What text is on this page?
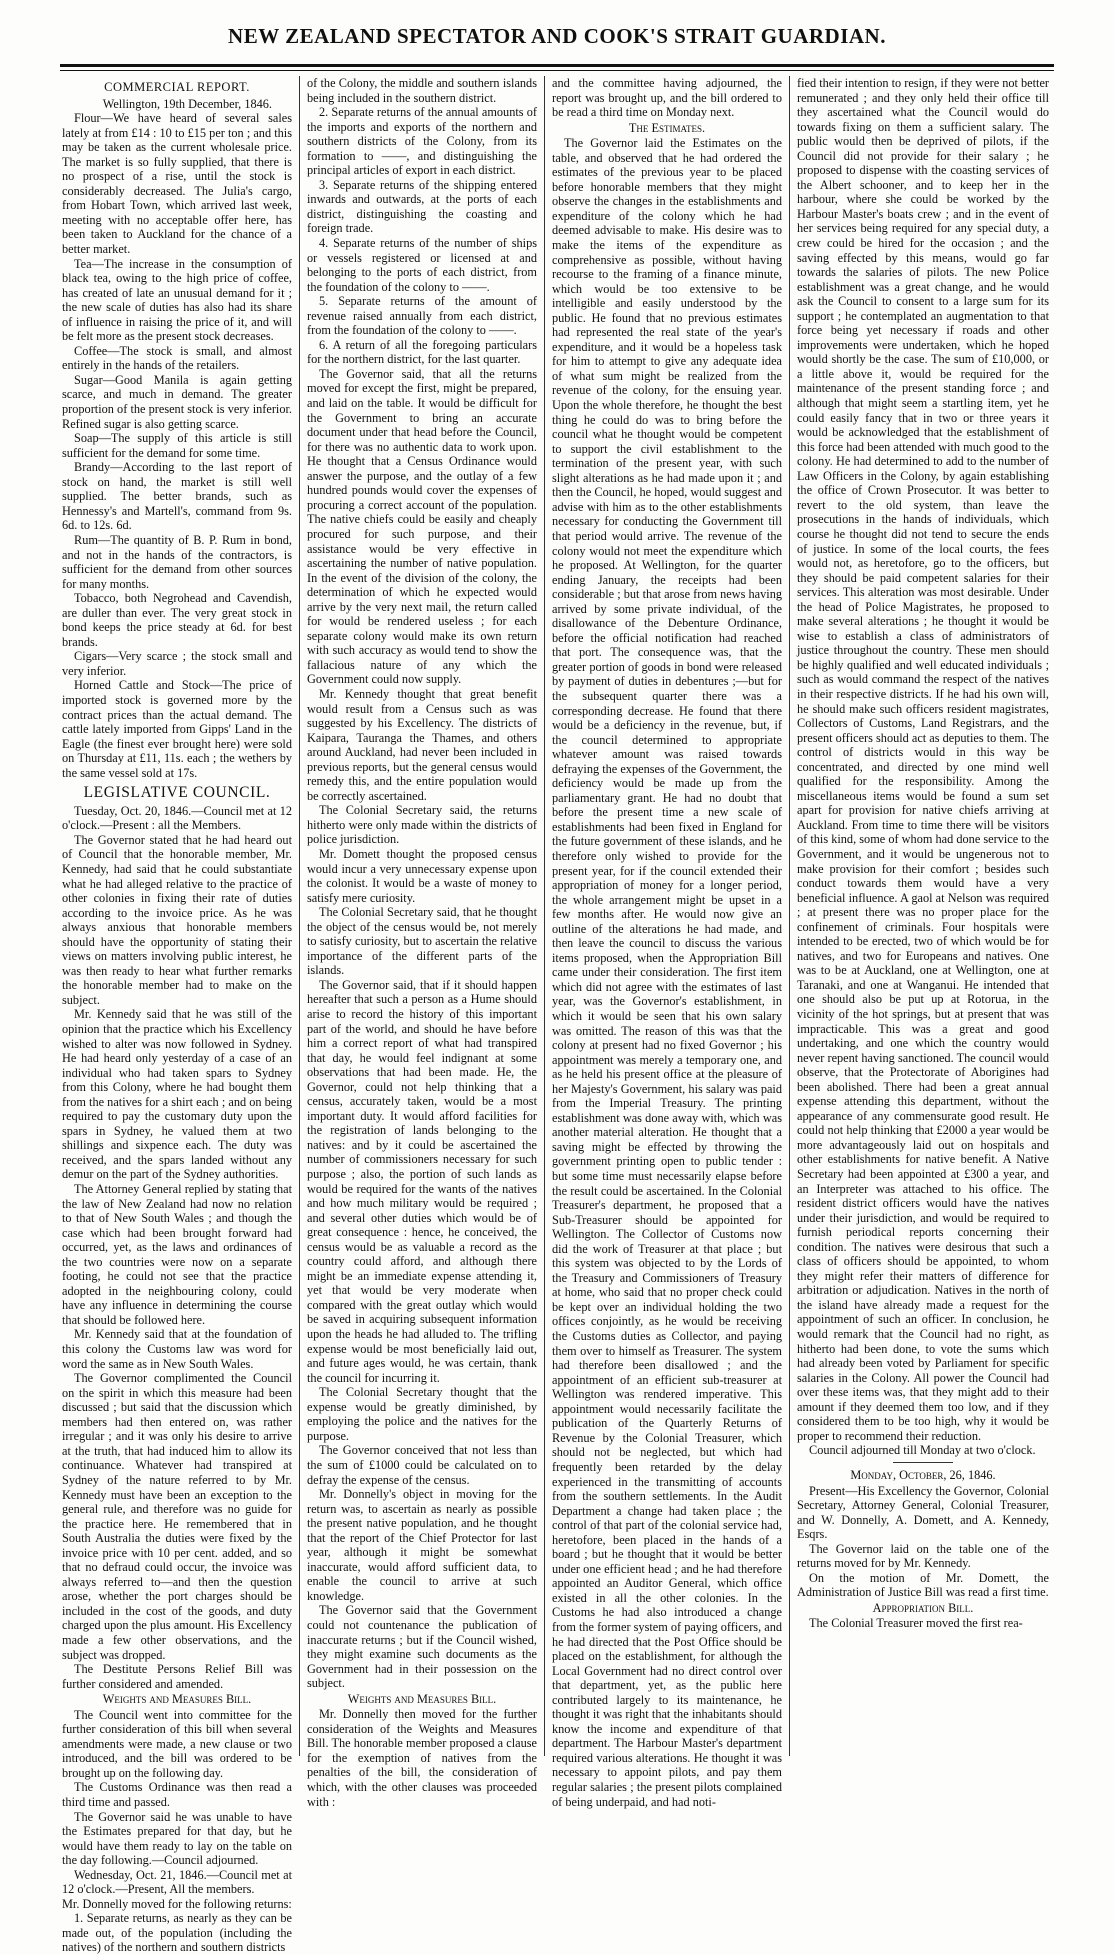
NEW ZEALAND SPECTATOR AND COOK'S STRAIT GUARDIAN.
COMMERCIAL REPORT.

Wellington, 19th December, 1846.

Flour—We have heard of several sales lately at from £14 : 10 to £15 per ton ; and this may be taken as the current wholesale price. The market is so fully supplied, that there is no prospect of a rise, until the stock is considerably decreased. The Julia's cargo, from Hobart Town, which arrived last week, meeting with no acceptable offer here, has been taken to Auckland for the chance of a better market.

Tea—The increase in the consumption of black tea, owing to the high price of coffee, has created of late an unusual demand for it ; the new scale of duties has also had its share of influence in raising the price of it, and will be felt more as the present stock decreases.

Coffee—The stock is small, and almost entirely in the hands of the retailers.

Sugar—Good Manila is again getting scarce, and much in demand. The greater proportion of the present stock is very inferior. Refined sugar is also getting scarce.

Soap—The supply of this article is still sufficient for the demand for some time.

Brandy—According to the last report of stock on hand, the market is still well supplied. The better brands, such as Hennessy's and Martell's, command from 9s. 6d. to 12s. 6d.

Rum—The quantity of B. P. Rum in bond, and not in the hands of the contractors, is sufficient for the demand from other sources for many months.

Tobacco, both Negrohead and Cavendish, are duller than ever. The very great stock in bond keeps the price steady at 6d. for best brands.

Cigars—Very scarce ; the stock small and very inferior.

Horned Cattle and Stock—The price of imported stock is governed more by the contract prices than the actual demand. The cattle lately imported from Gipps' Land in the Eagle (the finest ever brought here) were sold on Thursday at £11, 11s. each ; the wethers by the same vessel sold at 17s.

LEGISLATIVE COUNCIL.

Tuesday, Oct. 20, 1846.—Council met at 12 o'clock.—Present : all the Members.

The Governor stated that he had heard out of Council that the honorable member, Mr. Kennedy, had said that he could substantiate what he had alleged relative to the practice of other colonies in fixing their rate of duties according to the invoice price. As he was always anxious that honorable members should have the opportunity of stating their views on matters involving public interest, he was then ready to hear what further remarks the honorable member had to make on the subject.

Mr. Kennedy said that he was still of the opinion that the practice which his Excellency wished to alter was now followed in Sydney. He had heard only yesterday of a case of an individual who had taken spars to Sydney from this Colony, where he had bought them from the natives for a shirt each ; and on being required to pay the customary duty upon the spars in Sydney, he valued them at two shillings and sixpence each. The duty was received, and the spars landed without any demur on the part of the Sydney authorities.

The Attorney General replied by stating that the law of New Zealand had now no relation to that of New South Wales ; and though the case which had been brought forward had occurred, yet, as the laws and ordinances of the two countries were now on a separate footing, he could not see that the practice adopted in the neighbouring colony, could have any influence in determining the course that should be followed here.

Mr. Kennedy said that at the foundation of this colony the Customs law was word for word the same as in New South Wales.

The Governor complimented the Council on the spirit in which this measure had been discussed ; but said that the discussion which members had then entered on, was rather irregular ; and it was only his desire to arrive at the truth, that had induced him to allow its continuance. Whatever had transpired at Sydney of the nature referred to by Mr. Kennedy must have been an exception to the general rule, and therefore was no guide for the practice here. He remembered that in South Australia the duties were fixed by the invoice price with 10 per cent. added, and so that no defraud could occur, the invoice was always referred to—and then the question arose, whether the port charges should be included in the cost of the goods, and duty charged upon the plus amount. His Excellency made a few other observations, and the subject was dropped.

The Destitute Persons Relief Bill was further considered and amended.

Weights and Measures Bill.

The Council went into committee for the further consideration of this bill when several amendments were made, a new clause or two introduced, and the bill was ordered to be brought up on the following day.

The Customs Ordinance was then read a third time and passed.

The Governor said he was unable to have the Estimates prepared for that day, but he would have them ready to lay on the table on the day following.—Council adjourned.

Wednesday, Oct. 21, 1846.—Council met at 12 o'clock.—Present, All the members.

Mr. Donnelly moved for the following returns:

1. Separate returns, as nearly as they can be made out, of the population (including the natives) of the northern and southern districts

of the Colony, the middle and southern islands being included in the southern district.

2. Separate returns of the annual amounts of the imports and exports of the northern and southern districts of the Colony, from its formation to ——, and distinguishing the principal articles of export in each district.

3. Separate returns of the shipping entered inwards and outwards, at the ports of each district, distinguishing the coasting and foreign trade.

4. Separate returns of the number of ships or vessels registered or licensed at and belonging to the ports of each district, from the foundation of the colony to ——.

5. Separate returns of the amount of revenue raised annually from each district, from the foundation of the colony to ——.

6. A return of all the foregoing particulars for the northern district, for the last quarter.

The Governor said, that all the returns moved for except the first, might be prepared, and laid on the table. It would be difficult for the Government to bring an accurate document under that head before the Council, for there was no authentic data to work upon. He thought that a Census Ordinance would answer the purpose, and the outlay of a few hundred pounds would cover the expenses of procuring a correct account of the population. The native chiefs could be easily and cheaply procured for such purpose, and their assistance would be very effective in ascertaining the number of native population. In the event of the division of the colony, the determination of which he expected would arrive by the very next mail, the return called for would be rendered useless ; for each separate colony would make its own return with such accuracy as would tend to show the fallacious nature of any which the Government could now supply.

Mr. Kennedy thought that great benefit would result from a Census such as was suggested by his Excellency. The districts of Kaipara, Tauranga the Thames, and others around Auckland, had never been included in previous reports, but the general census would remedy this, and the entire population would be correctly ascertained.

The Colonial Secretary said, the returns hitherto were only made within the districts of police jurisdiction.

Mr. Domett thought the proposed census would incur a very unnecessary expense upon the colonist. It would be a waste of money to satisfy mere curiosity.

The Colonial Secretary said, that he thought the object of the census would be, not merely to satisfy curiosity, but to ascertain the relative importance of the different parts of the islands.

The Governor said, that if it should happen hereafter that such a person as a Hume should arise to record the history of this important part of the world, and should he have before him a correct report of what had transpired that day, he would feel indignant at some observations that had been made. He, the Governor, could not help thinking that a census, accurately taken, would be a most important duty. It would afford facilities for the registration of lands belonging to the natives: and by it could be ascertained the number of commissioners necessary for such purpose ; also, the portion of such lands as would be required for the wants of the natives and how much military would be required ; and several other duties which would be of great consequence : hence, he conceived, the census would be as valuable a record as the country could afford, and although there might be an immediate expense attending it, yet that would be very moderate when compared with the great outlay which would be saved in acquiring subsequent information upon the heads he had alluded to. The trifling expense would be most beneficially laid out, and future ages would, he was certain, thank the council for incurring it.

The Colonial Secretary thought that the expense would be greatly diminished, by employing the police and the natives for the purpose.

The Governor conceived that not less than the sum of £1000 could be calculated on to defray the expense of the census.

Mr. Donnelly's object in moving for the return was, to ascertain as nearly as possible the present native population, and he thought that the report of the Chief Protector for last year, although it might be somewhat inaccurate, would afford sufficient data, to enable the council to arrive at such knowledge.

The Governor said that the Government could not countenance the publication of inaccurate returns ; but if the Council wished, they might examine such documents as the Government had in their possession on the subject.

Weights and Measures Bill.

Mr. Donnelly then moved for the further consideration of the Weights and Measures Bill. The honorable member proposed a clause for the exemption of natives from the penalties of the bill, the consideration of which, with the other clauses was proceeded with :

and the committee having adjourned, the report was brought up, and the bill ordered to be read a third time on Monday next.

The Estimates.

The Governor laid the Estimates on the table, and observed that he had ordered the estimates of the previous year to be placed before honorable members that they might observe the changes in the establishments and expenditure of the colony which he had deemed advisable to make. His desire was to make the items of the expenditure as comprehensive as possible, without having recourse to the framing of a finance minute, which would be too extensive to be intelligible and easily understood by the public. He found that no previous estimates had represented the real state of the year's expenditure, and it would be a hopeless task for him to attempt to give any adequate idea of what sum might be realized from the revenue of the colony, for the ensuing year. Upon the whole therefore, he thought the best thing he could do was to bring before the council what he thought would be competent to support the civil establishment to the termination of the present year, with such slight alterations as he had made upon it ; and then the Council, he hoped, would suggest and advise with him as to the other establishments necessary for conducting the Government till that period would arrive. The revenue of the colony would not meet the expenditure which he proposed. At Wellington, for the quarter ending January, the receipts had been considerable ; but that arose from news having arrived by some private individual, of the disallowance of the Debenture Ordinance, before the official notification had reached that port. The consequence was, that the greater portion of goods in bond were released by payment of duties in debentures ;—but for the subsequent quarter there was a corresponding decrease. He found that there would be a deficiency in the revenue, but, if the council determined to appropriate whatever amount was raised towards defraying the expenses of the Government, the deficiency would be made up from the parliamentary grant. He had no doubt that before the present time a new scale of establishments had been fixed in England for the future government of these islands, and he therefore only wished to provide for the present year, for if the council extended their appropriation of money for a longer period, the whole arrangement might be upset in a few months after. He would now give an outline of the alterations he had made, and then leave the council to discuss the various items proposed, when the Appropriation Bill came under their consideration. The first item which did not agree with the estimates of last year, was the Governor's establishment, in which it would be seen that his own salary was omitted. The reason of this was that the colony at present had no fixed Governor ; his appointment was merely a temporary one, and as he held his present office at the pleasure of her Majesty's Government, his salary was paid from the Imperial Treasury. The printing establishment was done away with, which was another material alteration. He thought that a saving might be effected by throwing the government printing open to public tender : but some time must necessarily elapse before the result could be ascertained. In the Colonial Treasurer's department, he proposed that a Sub-Treasurer should be appointed for Wellington. The Collector of Customs now did the work of Treasurer at that place ; but this system was objected to by the Lords of the Treasury and Commissioners of Treasury at home, who said that no proper check could be kept over an individual holding the two offices conjointly, as he would be receiving the Customs duties as Collector, and paying them over to himself as Treasurer. The system had therefore been disallowed ; and the appointment of an efficient sub-treasurer at Wellington was rendered imperative. This appointment would necessarily facilitate the publication of the Quarterly Returns of Revenue by the Colonial Treasurer, which should not be neglected, but which had frequently been retarded by the delay experienced in the transmitting of accounts from the southern settlements. In the Audit Department a change had taken place ; the control of that part of the colonial service had, heretofore, been placed in the hands of a board ; but he thought that it would be better under one efficient head ; and he had therefore appointed an Auditor General, which office existed in all the other colonies. In the Customs he had also introduced a change from the former system of paying officers, and he had directed that the Post Office should be placed on the establishment, for although the Local Government had no direct control over that department, yet, as the public here contributed largely to its maintenance, he thought it was right that the inhabitants should know the income and expenditure of that department. The Harbour Master's department required various alterations. He thought it was necessary to appoint pilots, and pay them regular salaries ; the present pilots complained of being underpaid, and had noti-

fied their intention to resign, if they were not better remunerated ; and they only held their office till they ascertained what the Council would do towards fixing on them a sufficient salary. The public would then be deprived of pilots, if the Council did not provide for their salary ; he proposed to dispense with the coasting services of the Albert schooner, and to keep her in the harbour, where she could be worked by the Harbour Master's boats crew ; and in the event of her services being required for any special duty, a crew could be hired for the occasion ; and the saving effected by this means, would go far towards the salaries of pilots. The new Police establishment was a great change, and he would ask the Council to consent to a large sum for its support ; he contemplated an augmentation to that force being yet necessary if roads and other improvements were undertaken, which he hoped would shortly be the case. The sum of £10,000, or a little above it, would be required for the maintenance of the present standing force ; and although that might seem a startling item, yet he could easily fancy that in two or three years it would be acknowledged that the establishment of this force had been attended with much good to the colony. He had determined to add to the number of Law Officers in the Colony, by again establishing the office of Crown Prosecutor. It was better to revert to the old system, than leave the prosecutions in the hands of individuals, which course he thought did not tend to secure the ends of justice. In some of the local courts, the fees would not, as heretofore, go to the officers, but they should be paid competent salaries for their services. This alteration was most desirable. Under the head of Police Magistrates, he proposed to make several alterations ; he thought it would be wise to establish a class of administrators of justice throughout the country. These men should be highly qualified and well educated individuals ; such as would command the respect of the natives in their respective districts. If he had his own will, he should make such officers resident magistrates, Collectors of Customs, Land Registrars, and the present officers should act as deputies to them. The control of districts would in this way be concentrated, and directed by one mind well qualified for the responsibility. Among the miscellaneous items would be found a sum set apart for provision for native chiefs arriving at Auckland. From time to time there will be visitors of this kind, some of whom had done service to the Government, and it would be ungenerous not to make provision for their comfort ; besides such conduct towards them would have a very beneficial influence. A gaol at Nelson was required ; at present there was no proper place for the confinement of criminals. Four hospitals were intended to be erected, two of which would be for natives, and two for Europeans and natives. One was to be at Auckland, one at Wellington, one at Taranaki, and one at Wanganui. He intended that one should also be put up at Rotorua, in the vicinity of the hot springs, but at present that was impracticable. This was a great and good undertaking, and one which the country would never repent having sanctioned. The council would observe, that the Protectorate of Aborigines had been abolished. There had been a great annual expense attending this department, without the appearance of any commensurate good result. He could not help thinking that £2000 a year would be more advantageously laid out on hospitals and other establishments for native benefit. A Native Secretary had been appointed at £300 a year, and an Interpreter was attached to his office. The resident district officers would have the natives under their jurisdiction, and would be required to furnish periodical reports concerning their condition. The natives were desirous that such a class of officers should be appointed, to whom they might refer their matters of difference for arbitration or adjudication. Natives in the north of the island have already made a request for the appointment of such an officer. In conclusion, he would remark that the Council had no right, as hitherto had been done, to vote the sums which had already been voted by Parliament for specific salaries in the Colony. All power the Council had over these items was, that they might add to their amount if they deemed them too low, and if they considered them to be too high, why it would be proper to recommend their reduction.

Council adjourned till Monday at two o'clock.

Monday, October, 26, 1846.

Present—His Excellency the Governor, Colonial Secretary, Attorney General, Colonial Treasurer, and W. Donnelly, A. Domett, and A. Kennedy, Esqrs.

The Governor laid on the table one of the returns moved for by Mr. Kennedy.

On the motion of Mr. Domett, the Administration of Justice Bill was read a first time.

Appropriation Bill.

The Colonial Treasurer moved the first rea-
